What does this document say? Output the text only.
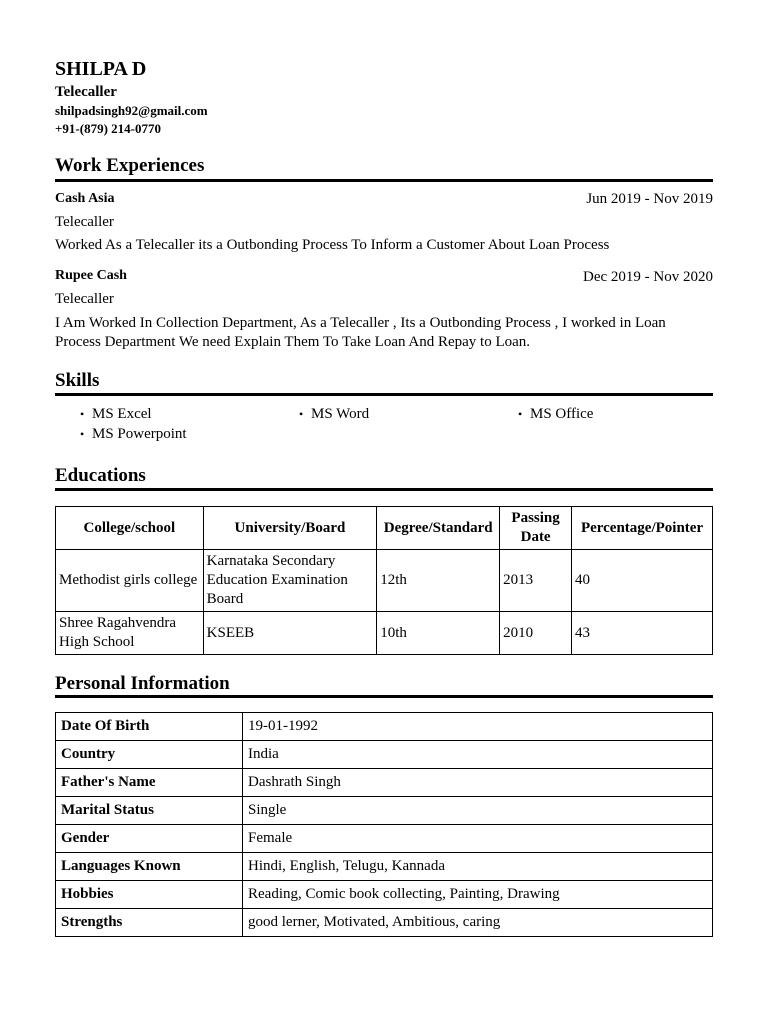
SHILPA D
Telecaller
shilpadsingh92@gmail.com
+91-(879) 214-0770
Work Experiences
Cash Asia	Jun 2019 - Nov 2019
Telecaller
Worked As a Telecaller its a Outbonding Process To Inform a Customer About Loan Process
Rupee Cash	Dec 2019 - Nov 2020
Telecaller
I Am Worked In Collection Department, As a Telecaller , Its a Outbonding Process , I worked in Loan Process Department We need Explain Them To Take Loan And Repay to Loan.
Skills
• MS Excel	• MS Word	• MS Office
• MS Powerpoint
Educations
College/school	University/Board	Degree/Standard	Passing Date	Percentage/Pointer
Methodist girls college	Karnataka Secondary Education Examination Board	12th	2013	40
Shree Ragahvendra High School	KSEEB	10th	2010	43
Personal Information
Date Of Birth	19-01-1992
Country	India
Father's Name	Dashrath Singh
Marital Status	Single
Gender	Female
Languages Known	Hindi, English, Telugu, Kannada
Hobbies	Reading, Comic book collecting, Painting, Drawing
Strengths	good lerner, Motivated, Ambitious, caring
